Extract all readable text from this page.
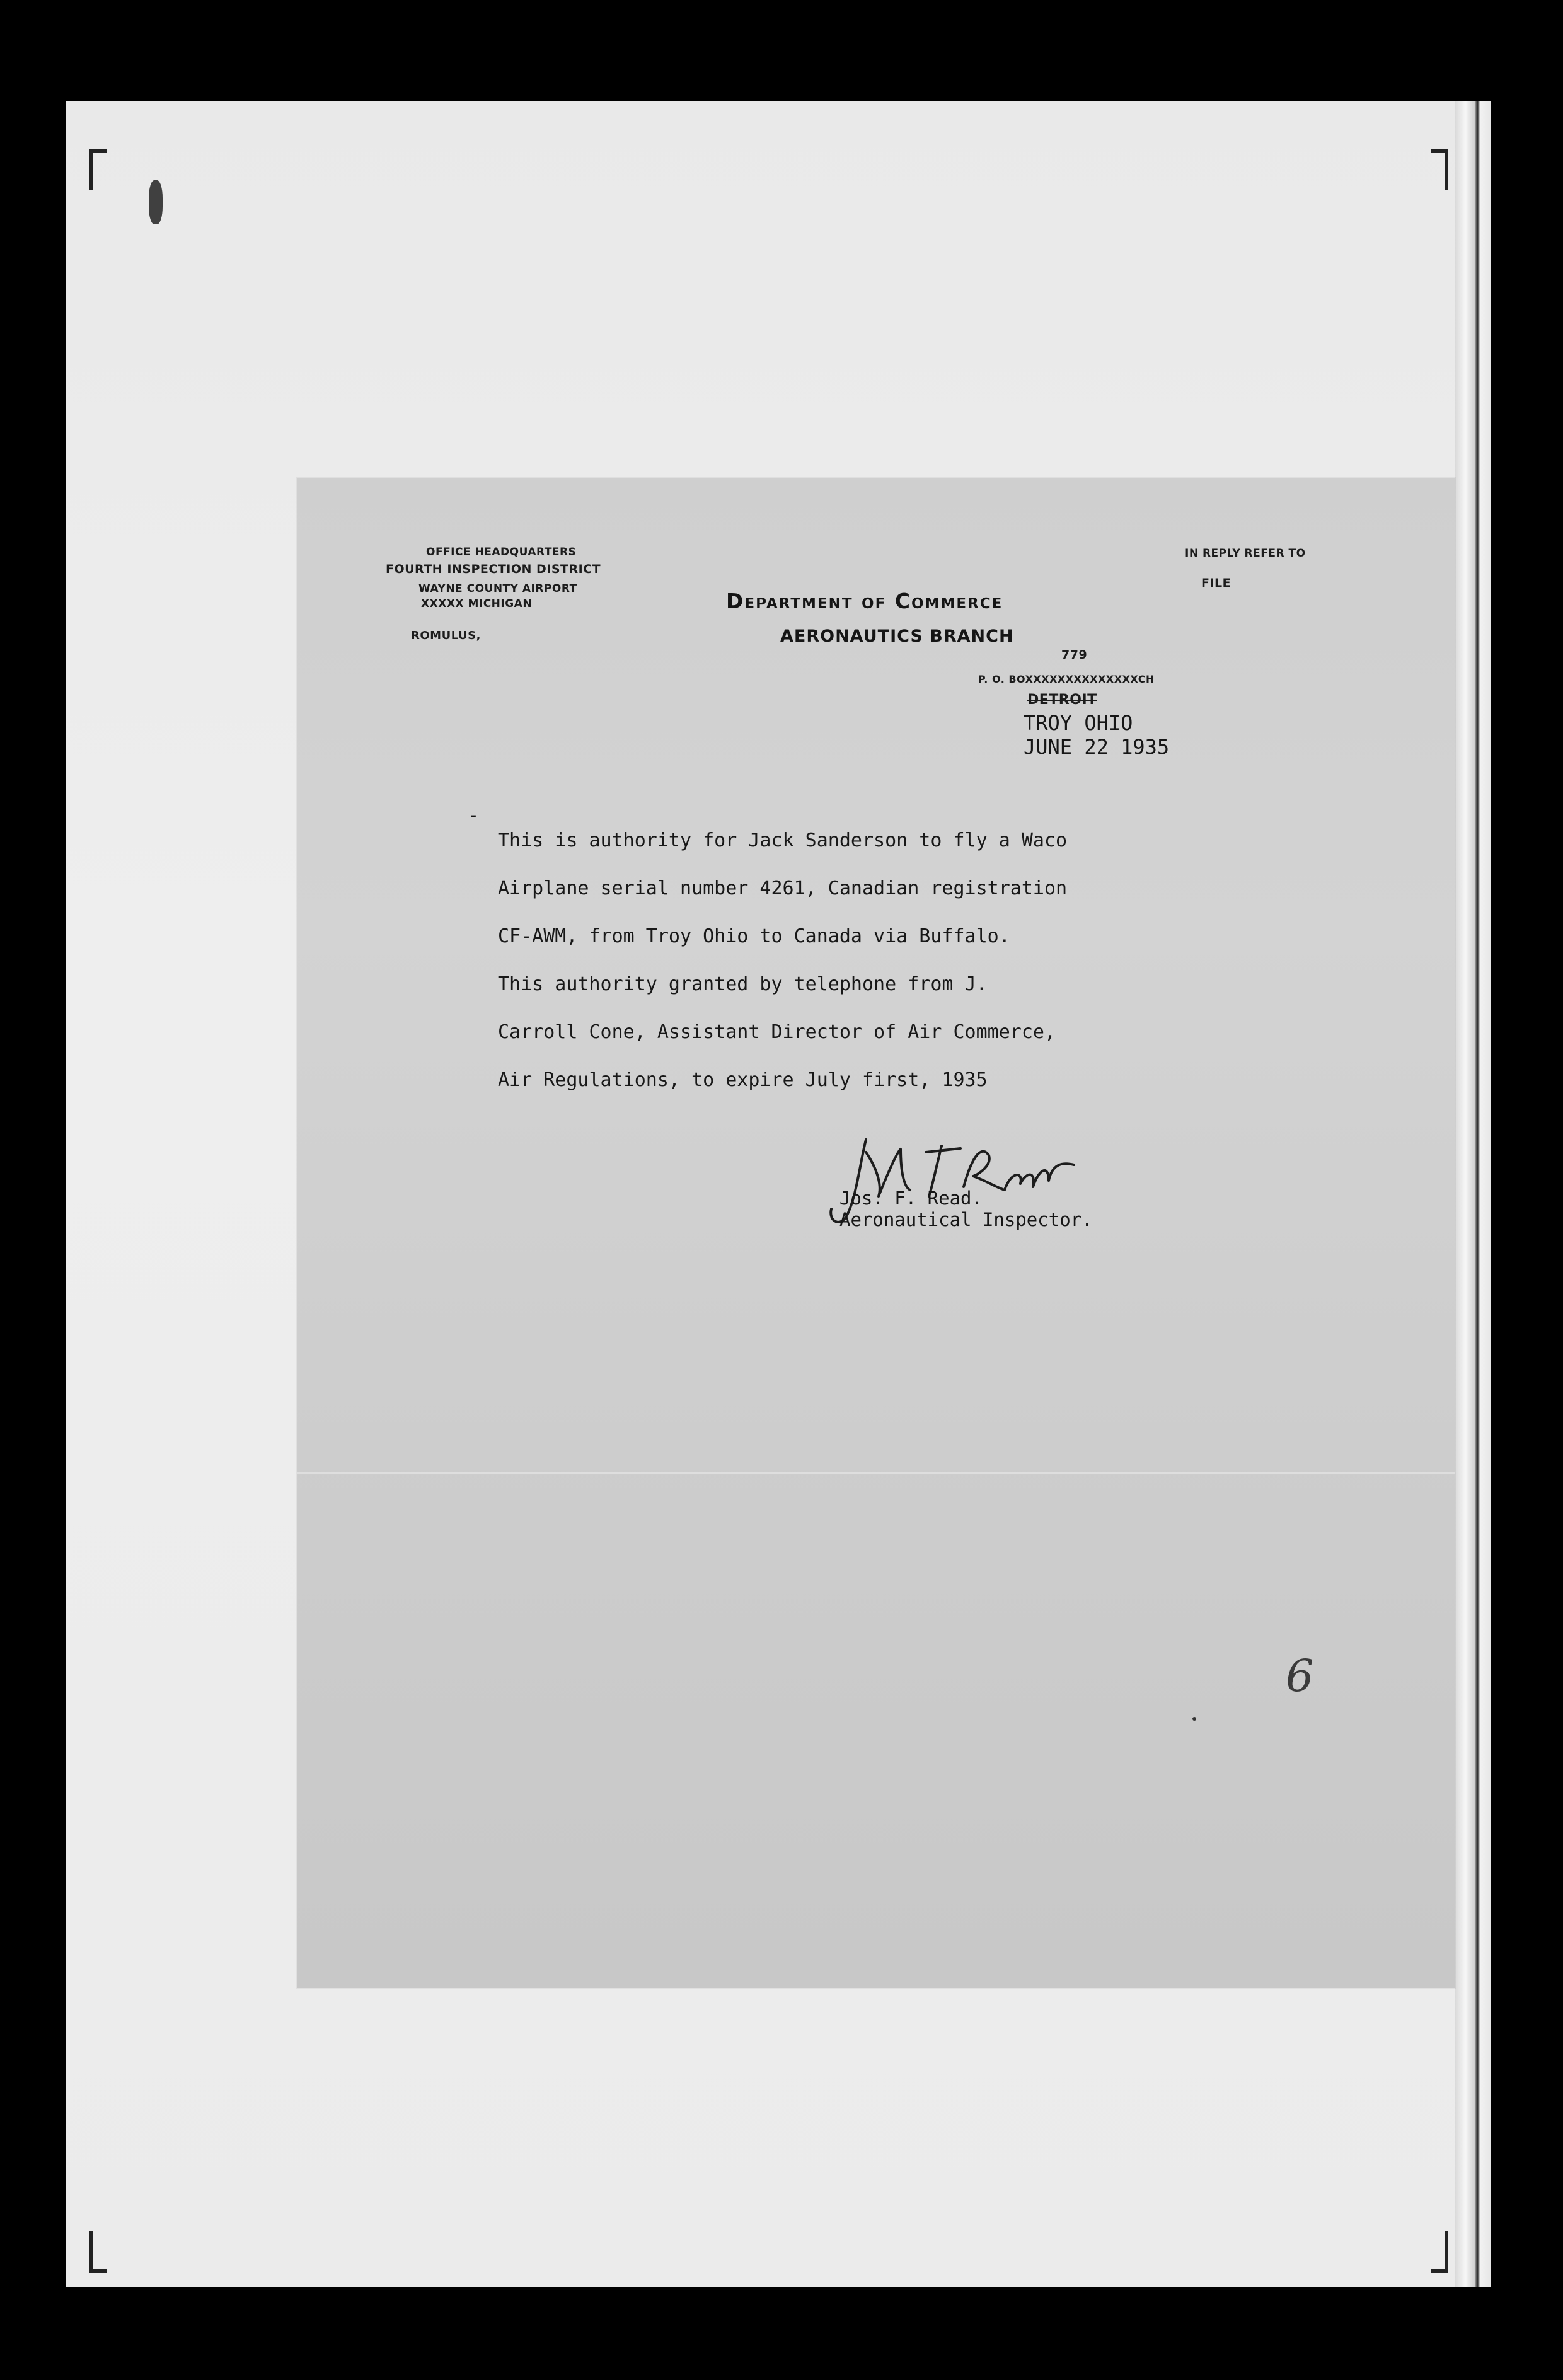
OFFICE HEADQUARTERS
FOURTH INSPECTION DISTRICT
WAYNE COUNTY AIRPORT
XXXXX MICHIGAN
ROMULUS,
IN REPLY REFER TO
FILE
Department of Commerce
AERONAUTICS BRANCH
779
P. O. BOXXXXXXXXXXXXXXCH
DETROIT
TROY OHIO
JUNE 22 1935
-
This is authority for Jack Sanderson to fly a Waco
Airplane serial number 4261, Canadian registration
CF-AWM, from Troy Ohio to Canada via Buffalo.
This authority granted by telephone from J.
Carroll Cone, Assistant Director of Air Commerce,
Air Regulations, to expire July first, 1935
Jos. F. Read.
Aeronautical Inspector.
6
